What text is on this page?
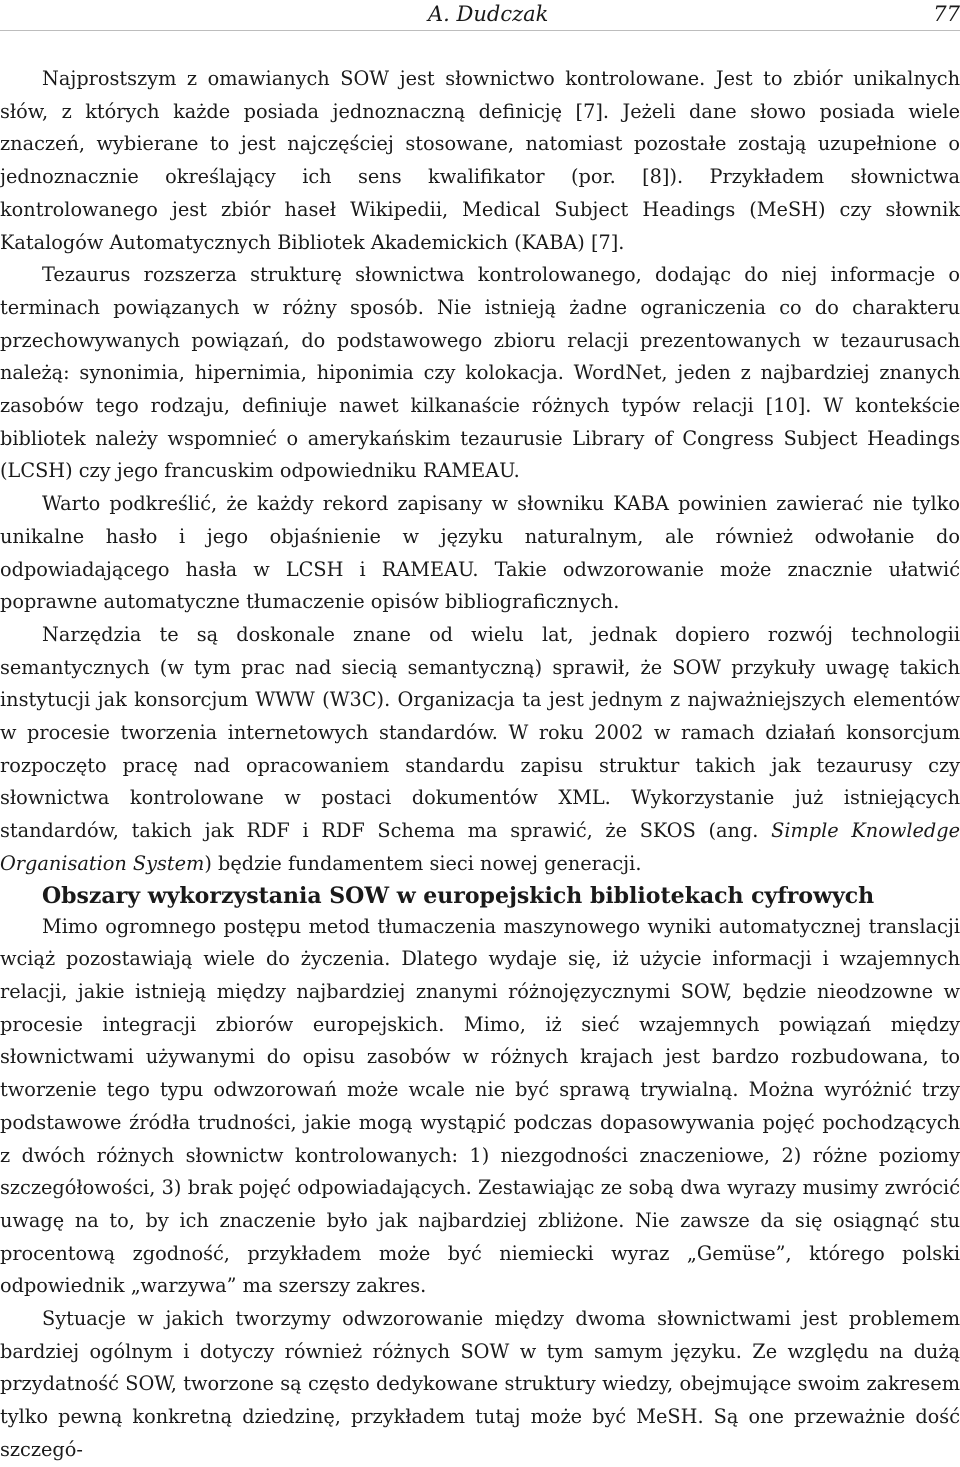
A. Dudczak	77

Najprostszym z omawianych SOW jest słownictwo kontrolowane. Jest to zbiór unikalnych słów, z których każde posiada jednoznaczną definicję [7]. Jeżeli dane słowo posiada wiele znaczeń, wybierane to jest najczęściej stosowane, natomiast pozostałe zostają uzupełnione o jednoznacznie określający ich sens kwalifikator (por. [8]). Przykładem słownictwa kontrolowanego jest zbiór haseł Wikipedii, Medical Subject Headings (MeSH) czy słownik Katalogów Automatycznych Bibliotek Akademickich (KABA) [7].

Tezaurus rozszerza strukturę słownictwa kontrolowanego, dodając do niej informacje o terminach powiązanych w różny sposób. Nie istnieją żadne ograniczenia co do charakteru przechowywanych powiązań, do podstawowego zbioru relacji prezentowanych w tezaurusach należą: synonimia, hipernimia, hiponimia czy kolokacja. WordNet, jeden z najbardziej znanych zasobów tego rodzaju, definiuje nawet kilkanaście różnych typów relacji [10]. W kontekście bibliotek należy wspomnieć o amerykańskim tezaurusie Library of Congress Subject Headings (LCSH) czy jego francuskim odpowiedniku RAMEAU.

Warto podkreślić, że każdy rekord zapisany w słowniku KABA powinien zawierać nie tylko unikalne hasło i jego objaśnienie w języku naturalnym, ale również odwołanie do odpowiadającego hasła w LCSH i RAMEAU. Takie odwzorowanie może znacznie ułatwić poprawne automatyczne tłumaczenie opisów bibliograficznych.

Narzędzia te są doskonale znane od wielu lat, jednak dopiero rozwój technologii semantycznych (w tym prac nad siecią semantyczną) sprawił, że SOW przykuły uwagę takich instytucji jak konsorcjum WWW (W3C). Organizacja ta jest jednym z najważniejszych elementów w procesie tworzenia internetowych standardów. W roku 2002 w ramach działań konsorcjum rozpoczęto pracę nad opracowaniem standardu zapisu struktur takich jak tezaurusy czy słownictwa kontrolowane w postaci dokumentów XML. Wykorzystanie już istniejących standardów, takich jak RDF i RDF Schema ma sprawić, że SKOS (ang. Simple Knowledge Organisation System) będzie fundamentem sieci nowej generacji.

Obszary wykorzystania SOW w europejskich bibliotekach cyfrowych

Mimo ogromnego postępu metod tłumaczenia maszynowego wyniki automatycznej translacji wciąż pozostawiają wiele do życzenia. Dlatego wydaje się, iż użycie informacji i wzajemnych relacji, jakie istnieją między najbardziej znanymi różnojęzycznymi SOW, będzie nieodzowne w procesie integracji zbiorów europejskich. Mimo, iż sieć wzajemnych powiązań między słownictwami używanymi do opisu zasobów w różnych krajach jest bardzo rozbudowana, to tworzenie tego typu odwzorowań może wcale nie być sprawą trywialną. Można wyróżnić trzy podstawowe źródła trudności, jakie mogą wystąpić podczas dopasowywania pojęć pochodzących z dwóch różnych słownictw kontrolowanych: 1) niezgodności znaczeniowe, 2) różne poziomy szczegółowości, 3) brak pojęć odpowiadających. Zestawiając ze sobą dwa wyrazy musimy zwrócić uwagę na to, by ich znaczenie było jak najbardziej zbliżone. Nie zawsze da się osiągnąć stu procentową zgodność, przykładem może być niemiecki wyraz „Gemüse”, którego polski odpowiednik „warzywa” ma szerszy zakres.

Sytuacje w jakich tworzymy odwzorowanie między dwoma słownictwami jest problemem bardziej ogólnym i dotyczy również różnych SOW w tym samym języku. Ze względu na dużą przydatność SOW, tworzone są często dedykowane struktury wiedzy, obejmujące swoim zakresem tylko pewną konkretną dziedzinę, przykładem tutaj może być MeSH. Są one przeważnie dość szczegó-
